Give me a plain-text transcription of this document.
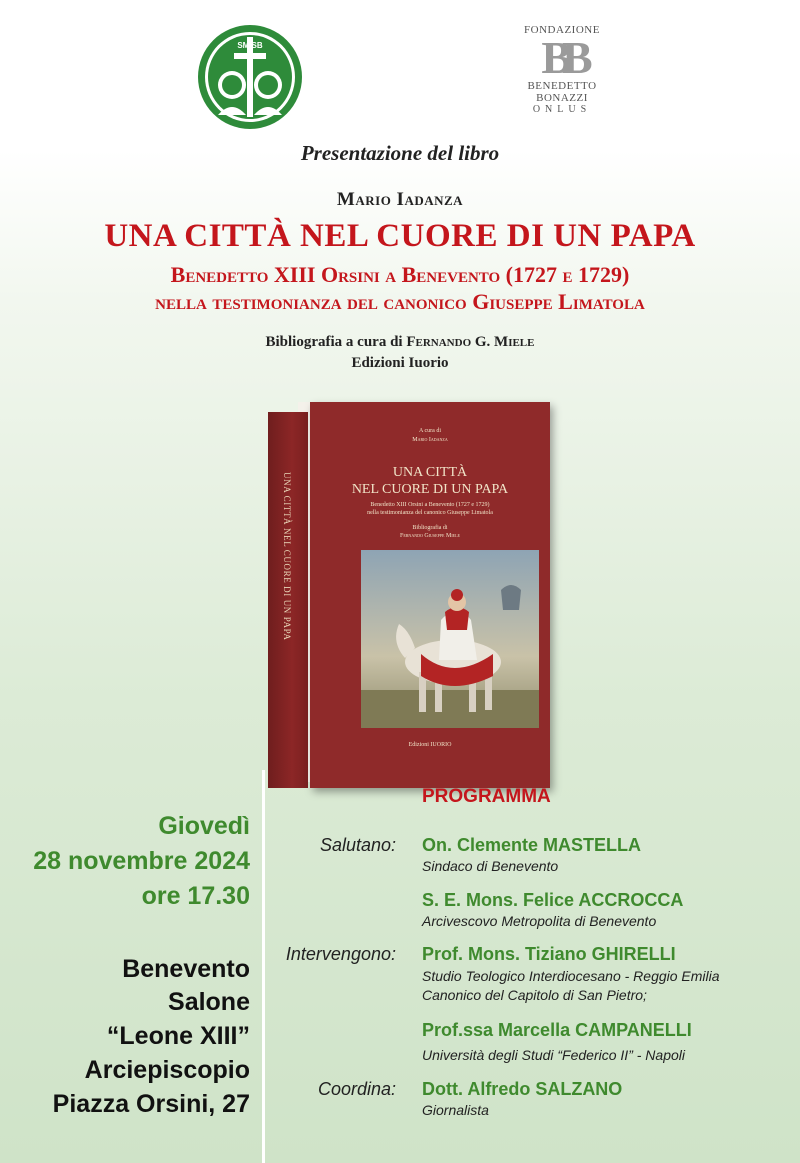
SM SB
FONDAZIONE
BB
BENEDETTO
BONAZZI
ONLUS
Presentazione del libro
Mario Iadanza
UNA CITTÀ NEL CUORE DI UN PAPA
Benedetto XIII Orsini a Benevento (1727 e 1729)
nella testimonianza del canonico Giuseppe Limatola
Bibliografia a cura di Fernando G. Miele
Edizioni Iuorio
UNA CITTÀ NEL CUORE DI UN PAPA
A cura di
Mario Iadanza
UNA CITTÀ
NEL CUORE DI UN PAPA
Benedetto XIII Orsini a Benevento (1727 e 1729)
nella testimonianza del canonico Giuseppe Limatola
Bibliografia di
Fernando Giuseppe Miele
Edizioni IUORIO
Giovedì
28 novembre 2024
ore 17.30
Benevento
Salone
“Leone XIII”
Arciepiscopio
Piazza Orsini, 27
PROGRAMMA
Salutano: On. Clemente MASTELLA
Sindaco di Benevento
S. E. Mons. Felice ACCROCCA
Arcivescovo Metropolita di Benevento
Intervengono: Prof. Mons. Tiziano GHIRELLI
Studio Teologico Interdiocesano - Reggio Emilia
Canonico del Capitolo di San Pietro;
Prof.ssa Marcella CAMPANELLI
Università degli Studi “Federico II” - Napoli
Coordina: Dott. Alfredo SALZANO
Giornalista
